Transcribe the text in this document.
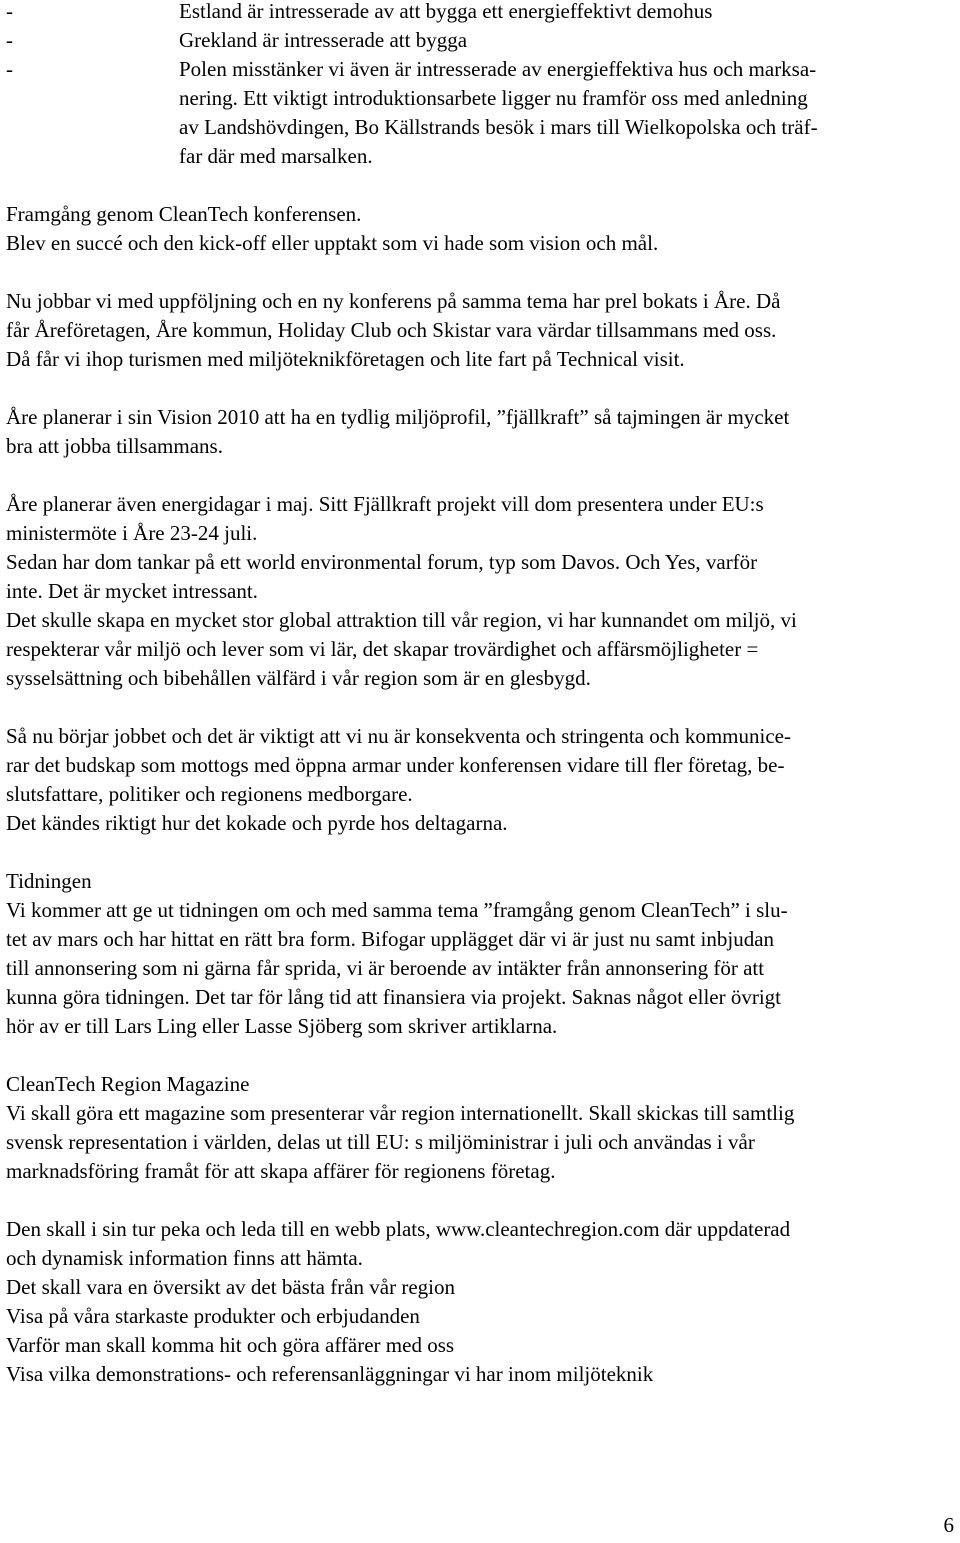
-	Estland är intresserade av att bygga ett energieffektivt demohus
-	Grekland är intresserade att bygga
-	Polen misstänker vi även är intresserade av energieffektiva hus och marksa-
nering. Ett viktigt introduktionsarbete ligger nu framför oss med anledning
av Landshövdingen, Bo Källstrands besök i mars till Wielkopolska och träf-
far där med marsalken.
Framgång genom CleanTech konferensen.
Blev en succé och den kick-off eller upptakt som vi hade som vision och mål.
Nu jobbar vi med uppföljning och en ny konferens på samma tema har prel bokats i Åre. Då
får Åreföretagen, Åre kommun, Holiday Club och Skistar vara värdar tillsammans med oss.
Då får vi ihop turismen med miljöteknikföretagen och lite fart på Technical visit.
Åre planerar i sin Vision 2010 att ha en tydlig miljöprofil, ”fjällkraft” så tajmingen är mycket
bra att jobba tillsammans.
Åre planerar även energidagar i maj. Sitt Fjällkraft projekt vill dom presentera under EU:s
ministermöte i Åre 23-24 juli.
Sedan har dom tankar på ett world environmental forum, typ som Davos. Och Yes, varför
inte. Det är mycket intressant.
Det skulle skapa en mycket stor global attraktion till vår region, vi har kunnandet om miljö, vi
respekterar vår miljö och lever som vi lär, det skapar trovärdighet och affärsmöjligheter =
sysselsättning och bibehållen välfärd i vår region som är en glesbygd.
Så nu börjar jobbet och det är viktigt att vi nu är konsekventa och stringenta och kommunice-
rar det budskap som mottogs med öppna armar under konferensen vidare till fler företag, be-
slutsfattare, politiker och regionens medborgare.
Det kändes riktigt hur det kokade och pyrde hos deltagarna.
Tidningen
Vi kommer att ge ut tidningen om och med samma tema ”framgång genom CleanTech” i slu-
tet av mars och har hittat en rätt bra form. Bifogar upplägget där vi är just nu samt inbjudan
till annonsering som ni gärna får sprida, vi är beroende av intäkter från annonsering för att
kunna göra tidningen. Det tar för lång tid att finansiera via projekt. Saknas något eller övrigt
hör av er till Lars Ling eller Lasse Sjöberg som skriver artiklarna.
CleanTech Region Magazine
Vi skall göra ett magazine som presenterar vår region internationellt. Skall skickas till samtlig
svensk representation i världen, delas ut till EU: s miljöministrar i juli och användas i vår
marknadsföring framåt för att skapa affärer för regionens företag.
Den skall i sin tur peka och leda till en webb plats, www.cleantechregion.com där uppdaterad
och dynamisk information finns att hämta.
Det skall vara en översikt av det bästa från vår region
Visa på våra starkaste produkter och erbjudanden
Varför man skall komma hit och göra affärer med oss
Visa vilka demonstrations- och referensanläggningar vi har inom miljöteknik
6
